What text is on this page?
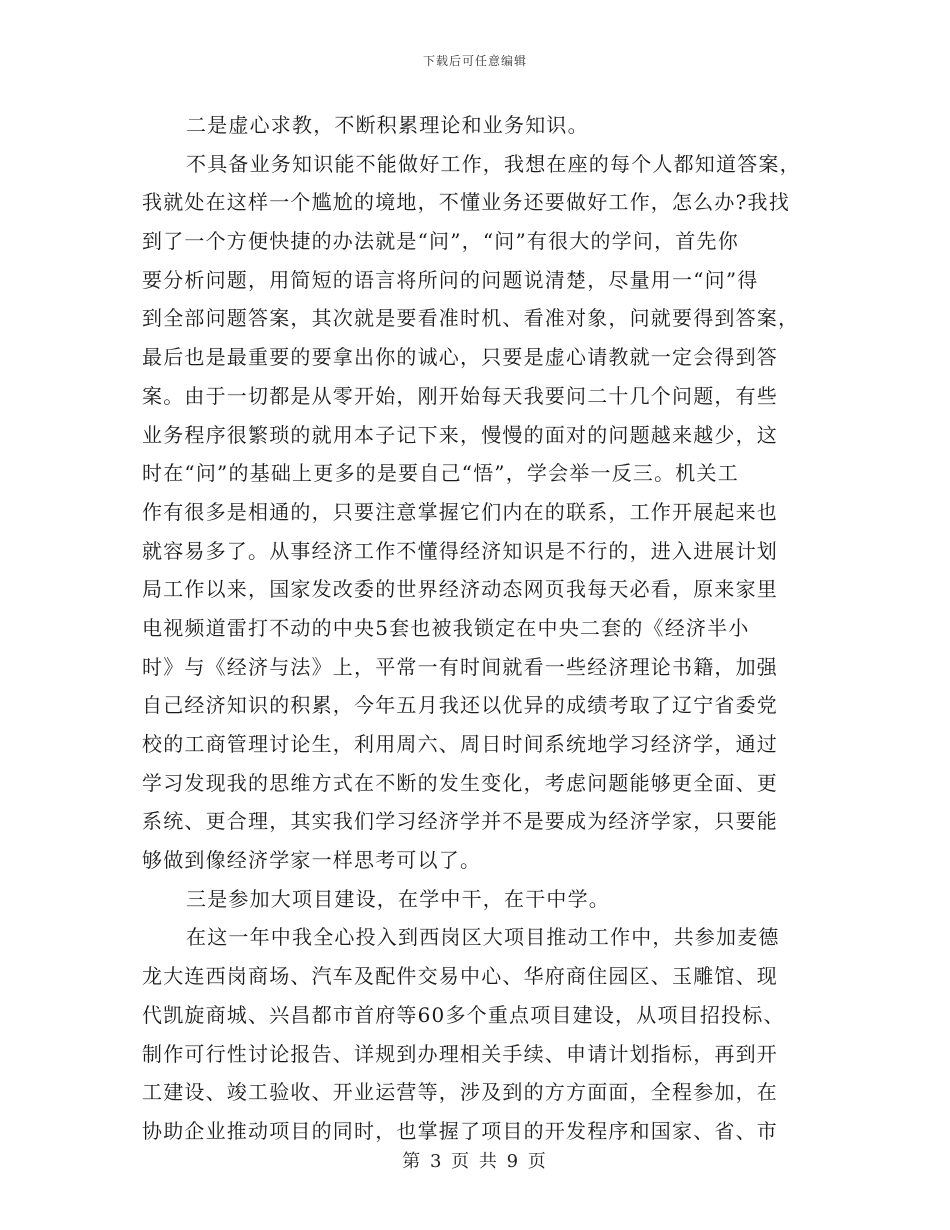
下载后可任意编辑
二是虚心求教，不断积累理论和业务知识。
不具备业务知识能不能做好工作，我想在座的每个人都知道答案，
我就处在这样一个尴尬的境地，不懂业务还要做好工作，怎么办?我找
到了一个方便快捷的办法就是“问”，“问”有很大的学问，首先你
要分析问题，用简短的语言将所问的问题说清楚，尽量用一“问”得
到全部问题答案，其次就是要看准时机、看准对象，问就要得到答案，
最后也是最重要的要拿出你的诚心，只要是虚心请教就一定会得到答
案。由于一切都是从零开始，刚开始每天我要问二十几个问题，有些
业务程序很繁琐的就用本子记下来，慢慢的面对的问题越来越少，这
时在“问”的基础上更多的是要自己“悟”，学会举一反三。机关工
作有很多是相通的，只要注意掌握它们内在的联系，工作开展起来也
就容易多了。从事经济工作不懂得经济知识是不行的，进入进展计划
局工作以来，国家发改委的世界经济动态网页我每天必看，原来家里
电视频道雷打不动的中央5套也被我锁定在中央二套的《经济半小
时》与《经济与法》上，平常一有时间就看一些经济理论书籍，加强
自己经济知识的积累，今年五月我还以优异的成绩考取了辽宁省委党
校的工商管理讨论生，利用周六、周日时间系统地学习经济学，通过
学习发现我的思维方式在不断的发生变化，考虑问题能够更全面、更
系统、更合理，其实我们学习经济学并不是要成为经济学家，只要能
够做到像经济学家一样思考可以了。
三是参加大项目建设，在学中干，在干中学。
在这一年中我全心投入到西岗区大项目推动工作中，共参加麦德
龙大连西岗商场、汽车及配件交易中心、华府商住园区、玉雕馆、现
代凯旋商城、兴昌都市首府等60多个重点项目建设，从项目招投标、
制作可行性讨论报告、详规到办理相关手续、申请计划指标，再到开
工建设、竣工验收、开业运营等，涉及到的方方面面，全程参加，在
协助企业推动项目的同时，也掌握了项目的开发程序和国家、省、市
第 3 页 共 9 页
